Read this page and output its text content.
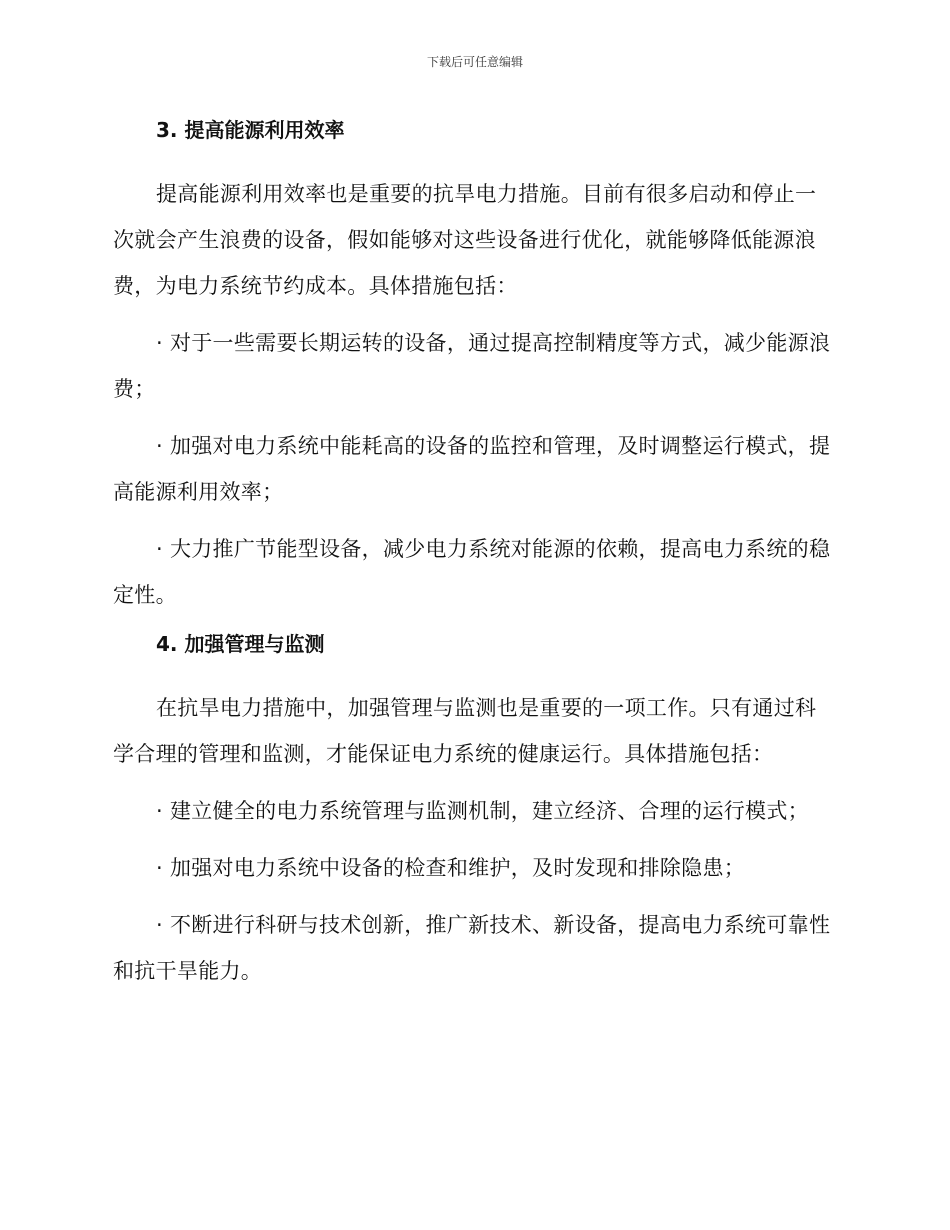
下载后可任意编辑
3. 提高能源利用效率

提高能源利用效率也是重要的抗旱电力措施。目前有很多启动和停止一次就会产生浪费的设备，假如能够对这些设备进行优化，就能够降低能源浪费，为电力系统节约成本。具体措施包括：

· 对于一些需要长期运转的设备，通过提高控制精度等方式，减少能源浪费；

· 加强对电力系统中能耗高的设备的监控和管理，及时调整运行模式，提高能源利用效率；

· 大力推广节能型设备，减少电力系统对能源的依赖，提高电力系统的稳定性。

4. 加强管理与监测

在抗旱电力措施中，加强管理与监测也是重要的一项工作。只有通过科学合理的管理和监测，才能保证电力系统的健康运行。具体措施包括：

· 建立健全的电力系统管理与监测机制，建立经济、合理的运行模式；

· 加强对电力系统中设备的检查和维护，及时发现和排除隐患；

· 不断进行科研与技术创新，推广新技术、新设备，提高电力系统可靠性和抗干旱能力。
